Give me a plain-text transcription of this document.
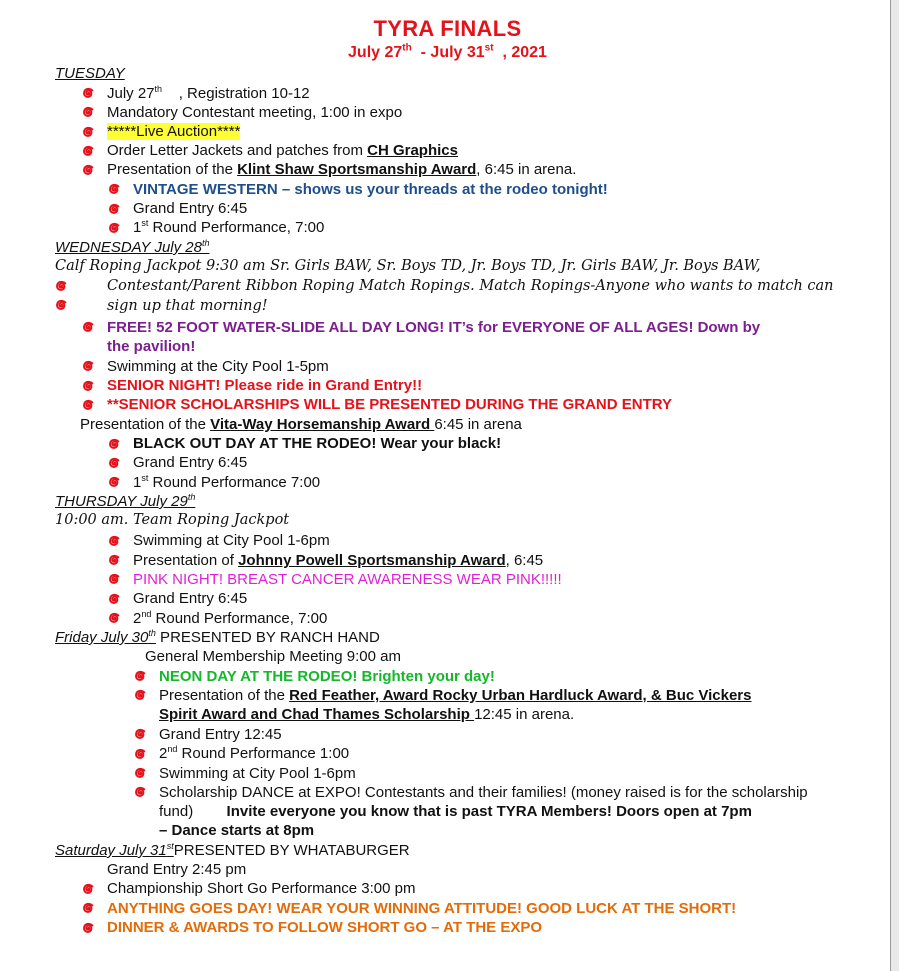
TYRA FINALS
July 27th  - July 31st  , 2021
TUESDAY
July 27th    , Registration 10-12
Mandatory Contestant meeting, 1:00 in expo
*****Live Auction****
Order Letter Jackets and patches from CH Graphics
Presentation of the Klint Shaw Sportsmanship Award, 6:45 in arena.
VINTAGE WESTERN – shows us your threads at the rodeo tonight!
Grand Entry 6:45
1st Round Performance, 7:00
WEDNESDAY July 28th
Calf Roping Jackpot 9:30 am Sr. Girls BAW, Sr. Boys TD, Jr. Boys TD, Jr. Girls BAW, Jr. Boys BAW,
Contestant/Parent Ribbon Roping Match Ropings. Match Ropings-Anyone who wants to match can
sign up that morning!
FREE! 52 FOOT WATER-SLIDE ALL DAY LONG! IT’s for EVERYONE OF ALL AGES! Down by
the pavilion!
Swimming at the City Pool 1-5pm
SENIOR NIGHT! Please ride in Grand Entry!!
**SENIOR SCHOLARSHIPS WILL BE PRESENTED DURING THE GRAND ENTRY
Presentation of the Vita-Way Horsemanship Award 6:45 in arena
BLACK OUT DAY AT THE RODEO! Wear your black!
Grand Entry 6:45
1st Round Performance 7:00
THURSDAY July 29th
10:00 am. Team Roping Jackpot
Swimming at City Pool 1-6pm
Presentation of Johnny Powell Sportsmanship Award, 6:45
PINK NIGHT! BREAST CANCER AWARENESS WEAR PINK!!!!!
Grand Entry 6:45
2nd Round Performance, 7:00
Friday July 30th PRESENTED BY RANCH HAND
General Membership Meeting 9:00 am
NEON DAY AT THE RODEO! Brighten your day!
Presentation of the Red Feather, Award Rocky Urban Hardluck Award, & Buc Vickers
Spirit Award and Chad Thames Scholarship 12:45 in arena.
Grand Entry 12:45
2nd Round Performance 1:00
Swimming at City Pool 1-6pm
Scholarship DANCE at EXPO! Contestants and their families! (money raised is for the scholarship
fund)        Invite everyone you know that is past TYRA Members! Doors open at 7pm
– Dance starts at 8pm
Saturday July 31stPRESENTED BY WHATABURGER
Grand Entry 2:45 pm
Championship Short Go Performance 3:00 pm
ANYTHING GOES DAY! WEAR YOUR WINNING ATTITUDE! GOOD LUCK AT THE SHORT!
DINNER & AWARDS TO FOLLOW SHORT GO – AT THE EXPO
